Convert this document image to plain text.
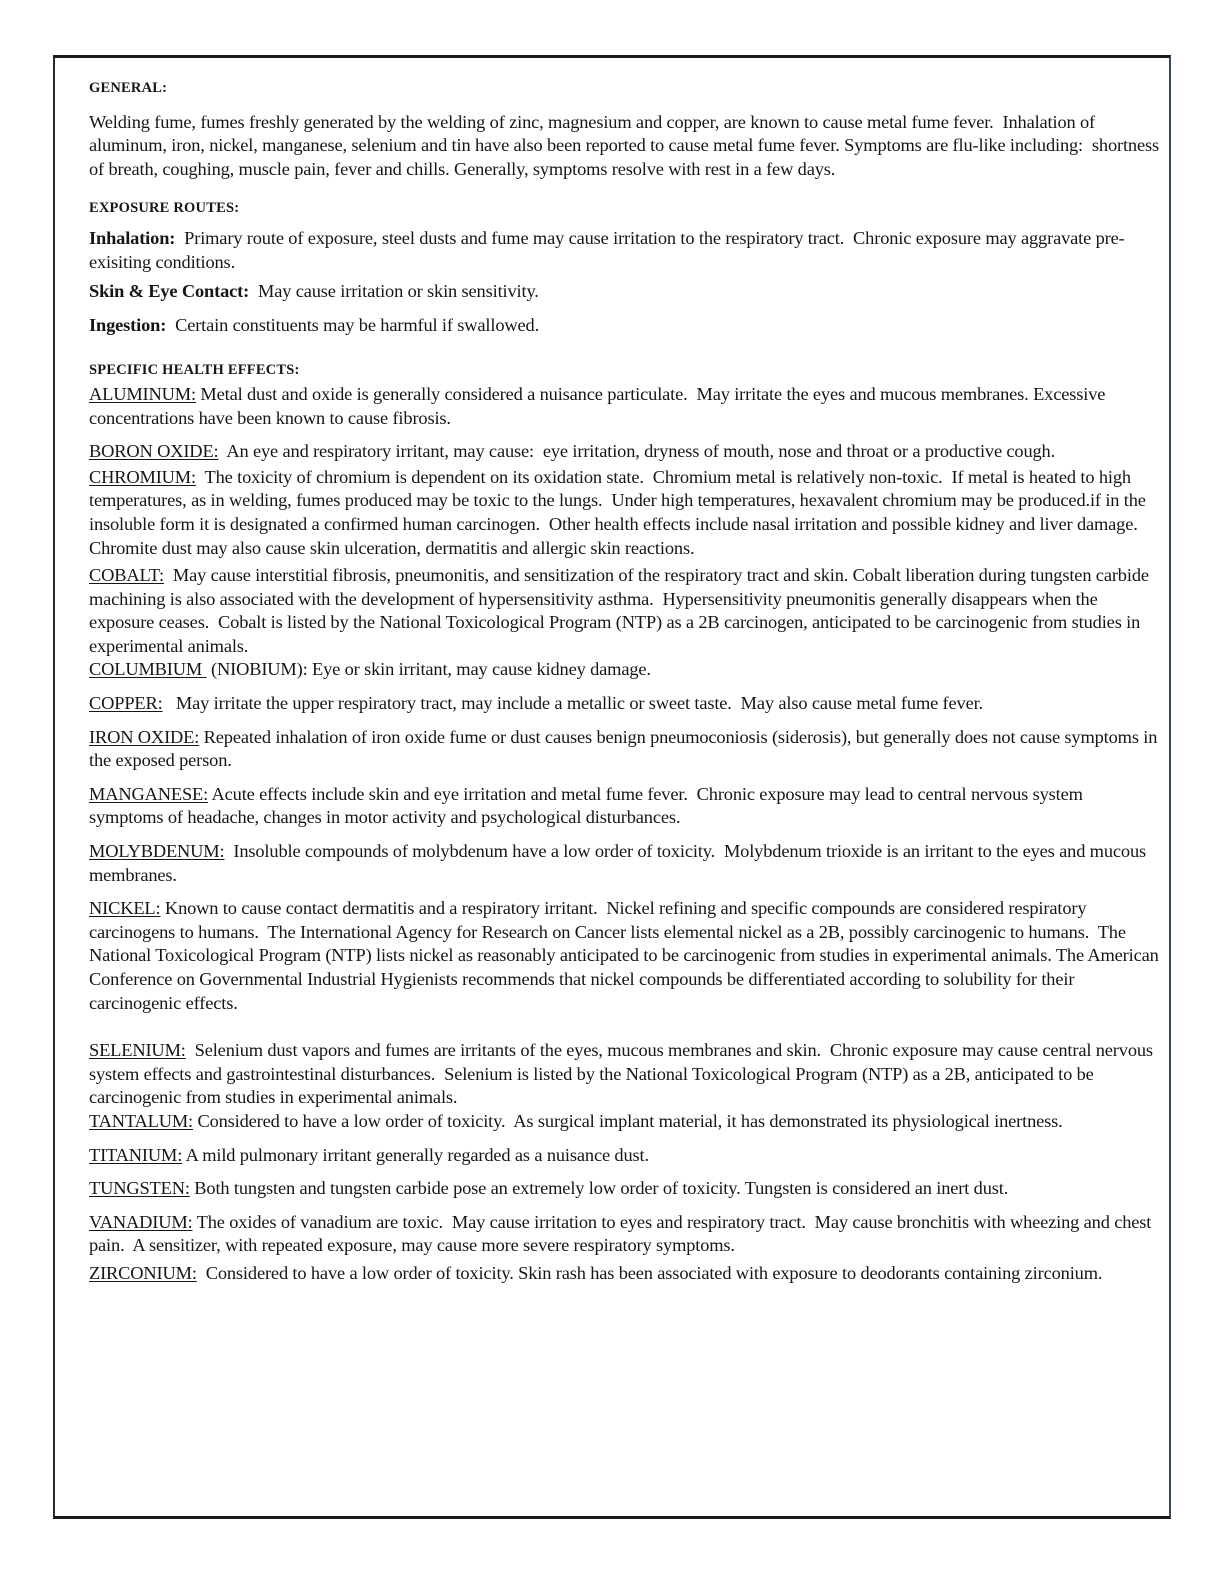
GENERAL:

Welding fume, fumes freshly generated by the welding of zinc, magnesium and copper, are known to cause metal fume fever.  Inhalation of aluminum, iron, nickel, manganese, selenium and tin have also been reported to cause metal fume fever. Symptoms are flu-like including:  shortness of breath, coughing, muscle pain, fever and chills. Generally, symptoms resolve with rest in a few days.

EXPOSURE ROUTES:

Inhalation:  Primary route of exposure, steel dusts and fume may cause irritation to the respiratory tract.  Chronic exposure may aggravate pre-exisiting conditions.

Skin & Eye Contact:  May cause irritation or skin sensitivity.

Ingestion:  Certain constituents may be harmful if swallowed.

SPECIFIC HEALTH EFFECTS:

ALUMINUM: Metal dust and oxide is generally considered a nuisance particulate.  May irritate the eyes and mucous membranes. Excessive concentrations have been known to cause fibrosis.

BORON OXIDE:  An eye and respiratory irritant, may cause:  eye irritation, dryness of mouth, nose and throat or a productive cough.

CHROMIUM:  The toxicity of chromium is dependent on its oxidation state.  Chromium metal is relatively non-toxic.  If metal is heated to high temperatures, as in welding, fumes produced may be toxic to the lungs.  Under high temperatures, hexavalent chromium may be produced.if in the insoluble form it is designated a confirmed human carcinogen.  Other health effects include nasal irritation and possible kidney and liver damage. Chromite dust may also cause skin ulceration, dermatitis and allergic skin reactions.

COBALT:  May cause interstitial fibrosis, pneumonitis, and sensitization of the respiratory tract and skin. Cobalt liberation during tungsten carbide machining is also associated with the development of hypersensitivity asthma.  Hypersensitivity pneumonitis generally disappears when the exposure ceases.  Cobalt is listed by the National Toxicological Program (NTP) as a 2B carcinogen, anticipated to be carcinogenic from studies in experimental animals.

COLUMBIUM  (NIOBIUM): Eye or skin irritant, may cause kidney damage.

COPPER:   May irritate the upper respiratory tract, may include a metallic or sweet taste.  May also cause metal fume fever.

IRON OXIDE: Repeated inhalation of iron oxide fume or dust causes benign pneumoconiosis (siderosis), but generally does not cause symptoms in the exposed person.

MANGANESE: Acute effects include skin and eye irritation and metal fume fever.  Chronic exposure may lead to central nervous system symptoms of headache, changes in motor activity and psychological disturbances.

MOLYBDENUM:  Insoluble compounds of molybdenum have a low order of toxicity.  Molybdenum trioxide is an irritant to the eyes and mucous membranes.

NICKEL: Known to cause contact dermatitis and a respiratory irritant.  Nickel refining and specific compounds are considered respiratory carcinogens to humans.  The International Agency for Research on Cancer lists elemental nickel as a 2B, possibly carcinogenic to humans.  The National Toxicological Program (NTP) lists nickel as reasonably anticipated to be carcinogenic from studies in experimental animals. The American Conference on Governmental Industrial Hygienists recommends that nickel compounds be differentiated according to solubility for their carcinogenic effects.

SELENIUM:  Selenium dust vapors and fumes are irritants of the eyes, mucous membranes and skin.  Chronic exposure may cause central nervous system effects and gastrointestinal disturbances.  Selenium is listed by the National Toxicological Program (NTP) as a 2B, anticipated to be carcinogenic from studies in experimental animals.

TANTALUM: Considered to have a low order of toxicity.  As surgical implant material, it has demonstrated its physiological inertness.

TITANIUM: A mild pulmonary irritant generally regarded as a nuisance dust.

TUNGSTEN: Both tungsten and tungsten carbide pose an extremely low order of toxicity. Tungsten is considered an inert dust.

VANADIUM: The oxides of vanadium are toxic.  May cause irritation to eyes and respiratory tract.  May cause bronchitis with wheezing and chest pain.  A sensitizer, with repeated exposure, may cause more severe respiratory symptoms.

ZIRCONIUM:  Considered to have a low order of toxicity. Skin rash has been associated with exposure to deodorants containing zirconium.
